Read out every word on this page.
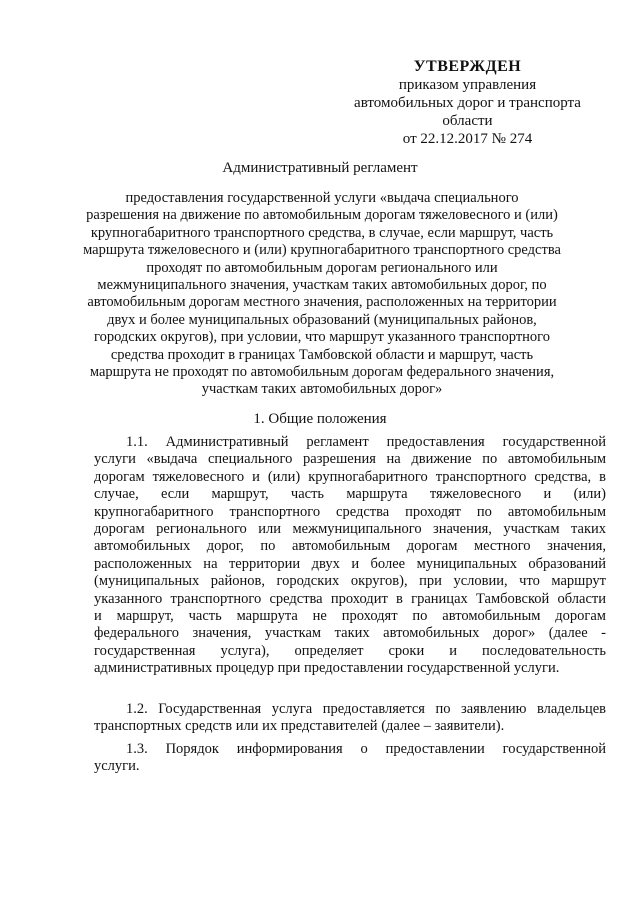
УТВЕРЖДЕН
приказом управления
автомобильных дорог и транспорта
области
от 22.12.2017 № 274
Административный регламент
предоставления государственной услуги «выдача специального
разрешения на движение по автомобильным дорогам тяжеловесного и (или)
крупногабаритного транспортного средства, в случае, если маршрут, часть
маршрута тяжеловесного и (или) крупногабаритного транспортного средства
проходят по автомобильным дорогам регионального или
межмуниципального значения, участкам таких автомобильных дорог, по
автомобильным дорогам местного значения, расположенных на территории
двух и более муниципальных образований (муниципальных районов,
городских округов), при условии, что маршрут указанного транспортного
средства проходит в границах Тамбовской области и маршрут, часть
маршрута не проходят по автомобильным дорогам федерального значения,
участкам таких автомобильных дорог»
1. Общие положения
1.1. Административный регламент предоставления государственной
услуги «выдача специального разрешения на движение по автомобильным
дорогам тяжеловесного и (или) крупногабаритного транспортного средства, в
случае, если маршрут, часть маршрута тяжеловесного и (или)
крупногабаритного транспортного средства проходят по автомобильным
дорогам регионального или межмуниципального значения, участкам таких
автомобильных дорог, по автомобильным дорогам местного значения,
расположенных на территории двух и более муниципальных образований
(муниципальных районов, городских округов), при условии, что маршрут
указанного транспортного средства проходит в границах Тамбовской области
и маршрут, часть маршрута не проходят по автомобильным дорогам
федерального значения, участкам таких автомобильных дорог» (далее -
государственная услуга), определяет сроки и последовательность
административных процедур при предоставлении государственной услуги.
1.2. Государственная услуга предоставляется по заявлению владельцев
транспортных средств или их представителей (далее – заявители).
1.3. Порядок информирования о предоставлении государственной
услуги.
